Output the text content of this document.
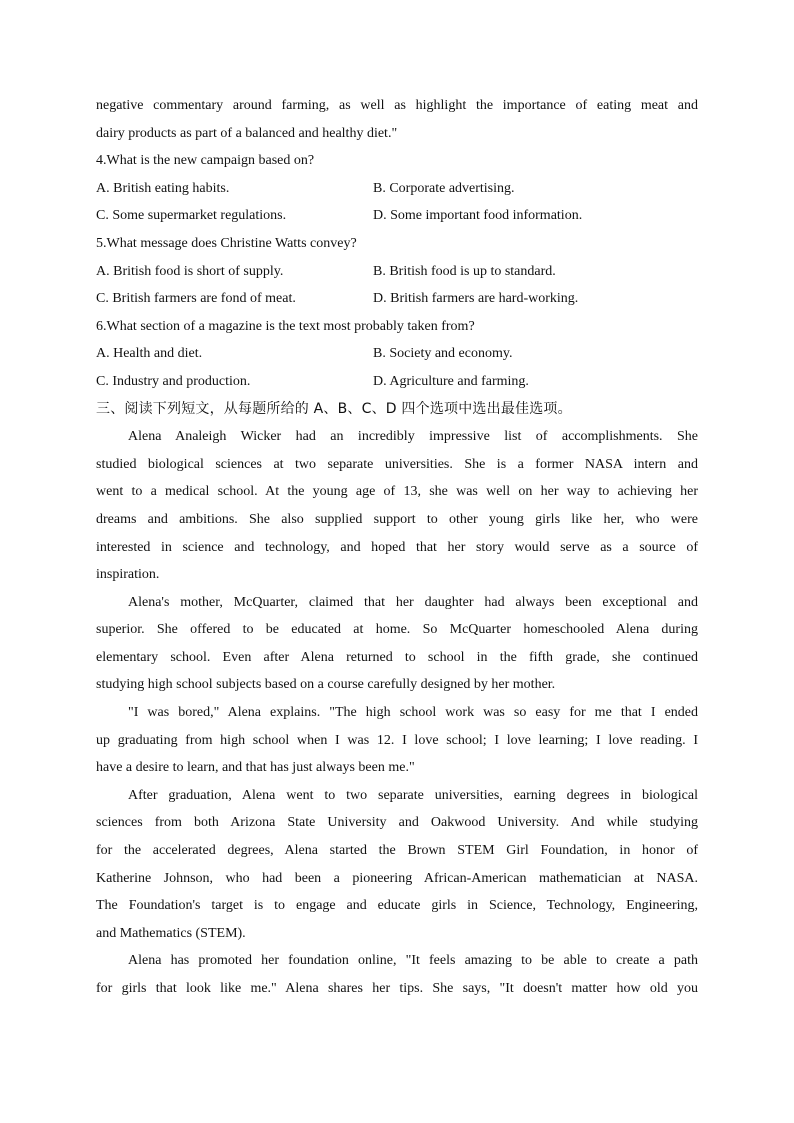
negative commentary around farming, as well as highlight the importance of eating meat and
dairy products as part of a balanced and healthy diet."
4.What is the new campaign based on?
A. British eating habits.	B. Corporate advertising.
C. Some supermarket regulations.	D. Some important food information.
5.What message does Christine Watts convey?
A. British food is short of supply.	B. British food is up to standard.
C. British farmers are fond of meat.	D. British farmers are hard-working.
6.What section of a magazine is the text most probably taken from?
A. Health and diet.	B. Society and economy.
C. Industry and production.	D. Agriculture and farming.
三、阅读下列短文，从每题所给的 A、B、C、D 四个选项中选出最佳选项。
Alena Analeigh Wicker had an incredibly impressive list of accomplishments. She
studied biological sciences at two separate universities. She is a former NASA intern and
went to a medical school. At the young age of 13, she was well on her way to achieving her
dreams and ambitions. She also supplied support to other young girls like her, who were
interested in science and technology, and hoped that her story would serve as a source of
inspiration.
Alena's mother, McQuarter, claimed that her daughter had always been exceptional and
superior. She offered to be educated at home. So McQuarter homeschooled Alena during
elementary school. Even after Alena returned to school in the fifth grade, she continued
studying high school subjects based on a course carefully designed by her mother.
"I was bored," Alena explains. "The high school work was so easy for me that I ended
up graduating from high school when I was 12. I love school; I love learning; I love reading. I
have a desire to learn, and that has just always been me."
After graduation, Alena went to two separate universities, earning degrees in biological
sciences from both Arizona State University and Oakwood University. And while studying
for the accelerated degrees, Alena started the Brown STEM Girl Foundation, in honor of
Katherine Johnson, who had been a pioneering African-American mathematician at NASA.
The Foundation's target is to engage and educate girls in Science, Technology, Engineering,
and Mathematics (STEM).
Alena has promoted her foundation online, "It feels amazing to be able to create a path
for girls that look like me." Alena shares her tips. She says, "It doesn't matter how old you
